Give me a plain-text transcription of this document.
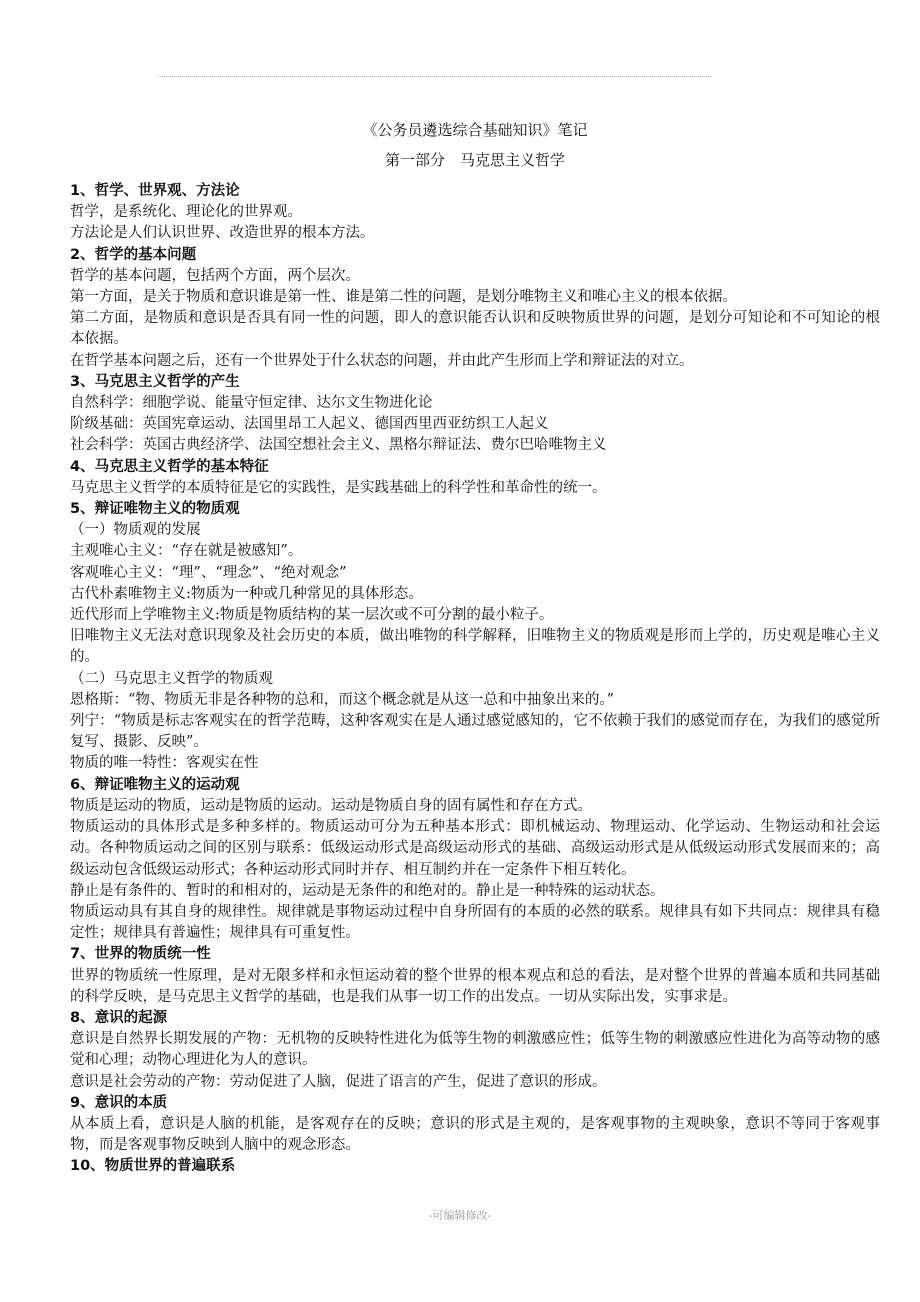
《公务员遴选综合基础知识》笔记
第一部分　马克思主义哲学

1、哲学、世界观、方法论

哲学，是系统化、理论化的世界观。

方法论是人们认识世界、改造世界的根本方法。

2、哲学的基本问题

哲学的基本问题，包括两个方面，两个层次。

第一方面，是关于物质和意识谁是第一性、谁是第二性的问题，是划分唯物主义和唯心主义的根本依据。

第二方面，是物质和意识是否具有同一性的问题，即人的意识能否认识和反映物质世界的问题，是划分可知论和不可知论的根本依据。

在哲学基本问题之后，还有一个世界处于什么状态的问题，并由此产生形而上学和辩证法的对立。

3、马克思主义哲学的产生

自然科学：细胞学说、能量守恒定律、达尔文生物进化论

阶级基础：英国宪章运动、法国里昂工人起义、德国西里西亚纺织工人起义

社会科学：英国古典经济学、法国空想社会主义、黑格尔辩证法、费尔巴哈唯物主义

4、马克思主义哲学的基本特征

马克思主义哲学的本质特征是它的实践性，是实践基础上的科学性和革命性的统一。

5、辩证唯物主义的物质观

（一）物质观的发展

主观唯心主义：“存在就是被感知”。

客观唯心主义：“理”、“理念”、“绝对观念”

古代朴素唯物主义:物质为一种或几种常见的具体形态。

近代形而上学唯物主义:物质是物质结构的某一层次或不可分割的最小粒子。

旧唯物主义无法对意识现象及社会历史的本质，做出唯物的科学解释，旧唯物主义的物质观是形而上学的，历史观是唯心主义的。

（二）马克思主义哲学的物质观

恩格斯：“物、物质无非是各种物的总和，而这个概念就是从这一总和中抽象出来的。”

列宁：“物质是标志客观实在的哲学范畴，这种客观实在是人通过感觉感知的，它不依赖于我们的感觉而存在，为我们的感觉所复写、摄影、反映”。

物质的唯一特性：客观实在性

6、辩证唯物主义的运动观

物质是运动的物质，运动是物质的运动。运动是物质自身的固有属性和存在方式。

物质运动的具体形式是多种多样的。物质运动可分为五种基本形式：即机械运动、物理运动、化学运动、生物运动和社会运动。各种物质运动之间的区别与联系：低级运动形式是高级运动形式的基础、高级运动形式是从低级运动形式发展而来的；高级运动包含低级运动形式；各种运动形式同时并存、相互制约并在一定条件下相互转化。

静止是有条件的、暂时的和相对的，运动是无条件的和绝对的。静止是一种特殊的运动状态。

物质运动具有其自身的规律性。规律就是事物运动过程中自身所固有的本质的必然的联系。规律具有如下共同点：规律具有稳定性；规律具有普遍性；规律具有可重复性。

7、世界的物质统一性

世界的物质统一性原理，是对无限多样和永恒运动着的整个世界的根本观点和总的看法，是对整个世界的普遍本质和共同基础的科学反映，是马克思主义哲学的基础，也是我们从事一切工作的出发点。一切从实际出发，实事求是。

8、意识的起源

意识是自然界长期发展的产物：无机物的反映特性进化为低等生物的刺激感应性；低等生物的刺激感应性进化为高等动物的感觉和心理；动物心理进化为人的意识。

意识是社会劳动的产物：劳动促进了人脑，促进了语言的产生，促进了意识的形成。

9、意识的本质

从本质上看，意识是人脑的机能，是客观存在的反映；意识的形式是主观的，是客观事物的主观映象，意识不等同于客观事物，而是客观事物反映到人脑中的观念形态。

10、物质世界的普遍联系

-可编辑修改-
